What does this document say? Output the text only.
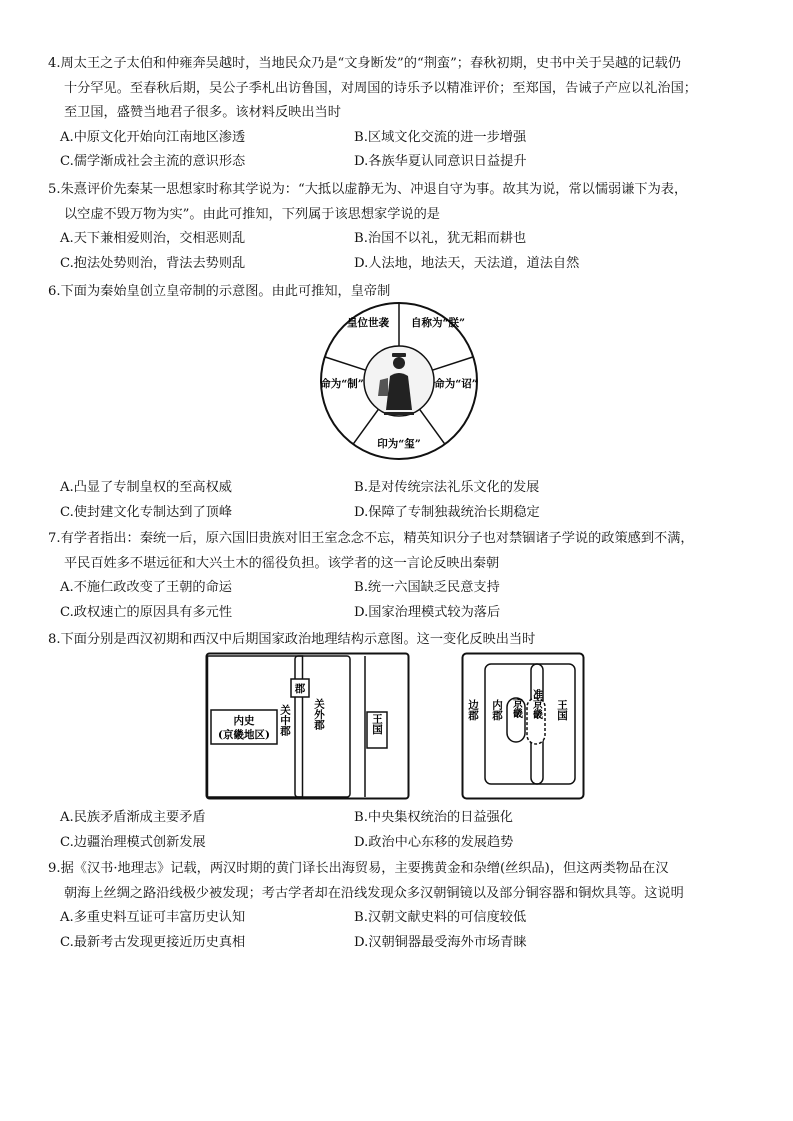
4.周太王之子太伯和仲雍奔吴越时，当地民众乃是“文身断发”的“荆蛮”；春秋初期，史书中关于吴越的记载仍

十分罕见。至春秋后期，吴公子季札出访鲁国，对周国的诗乐予以精准评价；至郑国，告诫子产应以礼治国；

至卫国，盛赞当地君子很多。该材料反映出当时

A.中原文化开始向江南地区渗透	B.区域文化交流的进一步增强
C.儒学渐成社会主流的意识形态	D.各族华夏认同意识日益提升

5.朱熹评价先秦某一思想家时称其学说为：“大抵以虚静无为、冲退自守为事。故其为说，常以懦弱谦下为表，

以空虚不毁万物为实”。由此可推知，下列属于该思想家学说的是

A.天下兼相爱则治，交相恶则乱	B.治国不以礼，犹无耜而耕也
C.抱法处势则治，背法去势则乱	D.人法地，地法天，天法道，道法自然

6.下面为秦始皇创立皇帝制的示意图。由此可推知，皇帝制

皇位世袭 自称为“朕”
命为“诏”
印为“玺”
命为“制”
A.凸显了专制皇权的至高权威	B.是对传统宗法礼乐文化的发展
C.使封建文化专制达到了顶峰	D.保障了专制独裁统治长期稳定

7.有学者指出：秦统一后，原六国旧贵族对旧王室念念不忘，精英知识分子也对禁锢诸子学说的政策感到不满，

平民百姓多不堪远征和大兴土木的徭役负担。该学者的这一言论反映出秦朝

A.不施仁政改变了王朝的命运	B.统一六国缺乏民意支持
C.政权速亡的原因具有多元性	D.国家治理模式较为落后

8.下面分别是西汉初期和西汉中后期国家政治地理结构示意图。这一变化反映出当时

内史
(京畿地区) 关中郡 关外郡
郡
王国
边郡 内郡 京畿 准京畿 王国
A.民族矛盾渐成主要矛盾	B.中央集权统治的日益强化
C.边疆治理模式创新发展	D.政治中心东移的发展趋势

9.据《汉书·地理志》记载，两汉时期的黄门译长出海贸易，主要携黄金和杂缯(丝织品)，但这两类物品在汉

朝海上丝绸之路沿线极少被发现；考古学者却在沿线发现众多汉朝铜镜以及部分铜容器和铜炊具等。这说明

A.多重史料互证可丰富历史认知	B.汉朝文献史料的可信度较低
C.最新考古发现更接近历史真相	D.汉朝铜器最受海外市场青睐
